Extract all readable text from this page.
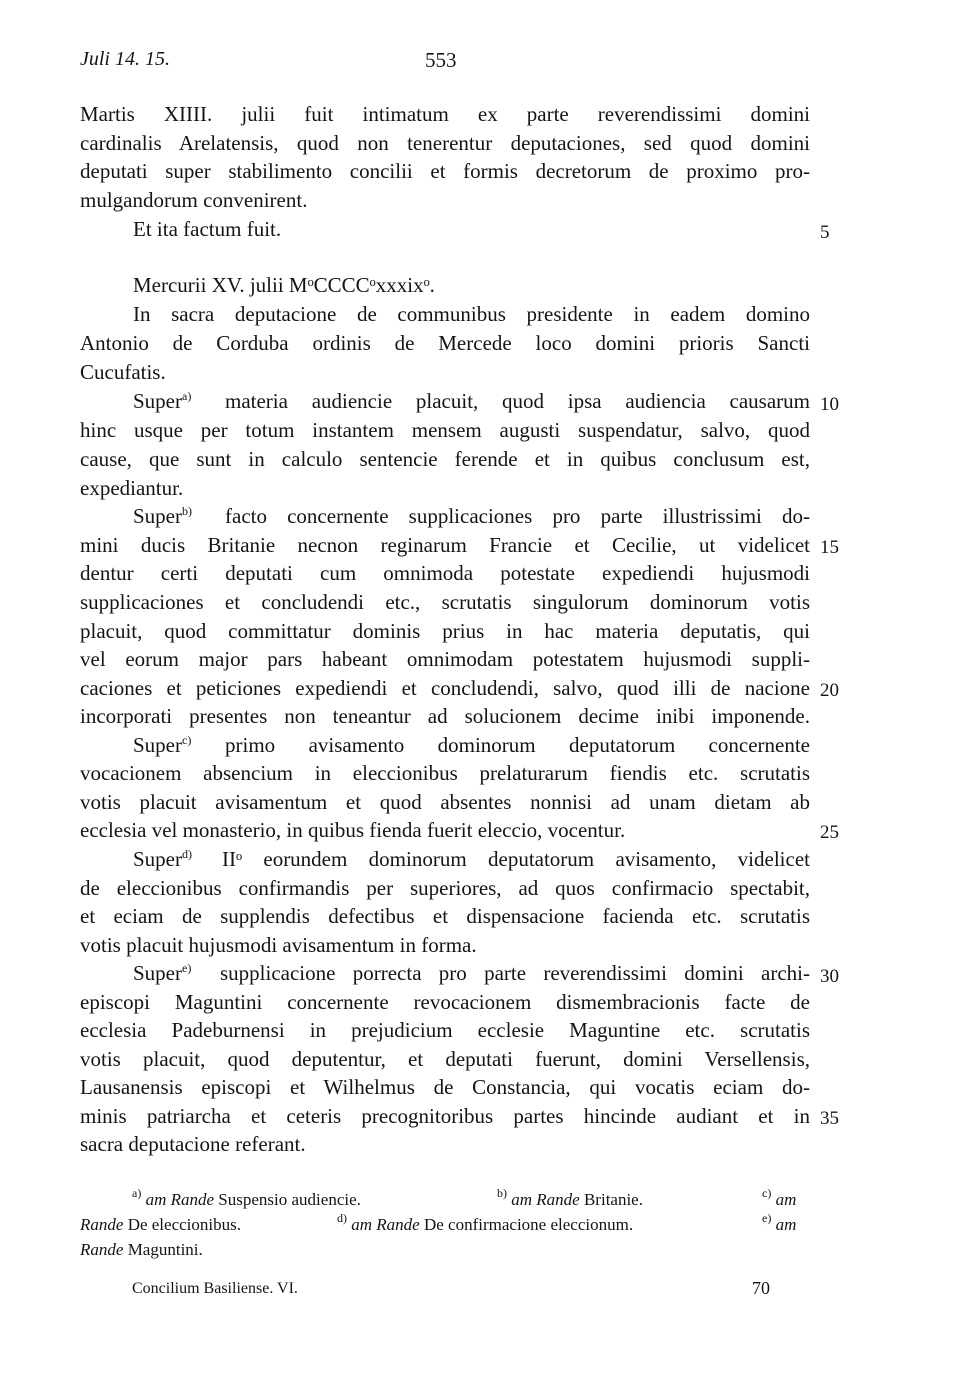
Juli 14. 15.	553
Martis XIIII. julii fuit intimatum ex parte reverendissimi domini
cardinalis Arelatensis, quod non tenerentur deputaciones, sed quod domini
deputati super stabilimento concilii et formis decretorum de proximo pro-
mulgandorum convenirent.
Et ita factum fuit.
Mercurii XV. julii MᵒCCCCᵒxxxixᵒ.
In sacra deputacione de communibus presidente in eadem domino
Antonio de Corduba ordinis de Mercede loco domini prioris Sancti
Cucufatis.
Super$^{a)}$ materia audiencie placuit, quod ipsa audiencia causarum
hinc usque per totum instantem mensem augusti suspendatur, salvo, quod
cause, que sunt in calculo sentencie ferende et in quibus conclusum est,
expediantur.
Super$^{b)}$ facto concernente supplicaciones pro parte illustrissimi do-
mini ducis Britanie necnon reginarum Francie et Cecilie, ut videlicet
dentur certi deputati cum omnimoda potestate expediendi hujusmodi
supplicaciones et concludendi etc., scrutatis singulorum dominorum votis
placuit, quod committatur dominis prius in hac materia deputatis, qui
vel eorum major pars habeant omnimodam potestatem hujusmodi suppli-
caciones et peticiones expediendi et concludendi, salvo, quod illi de nacione
incorporati presentes non teneantur ad solucionem decime inibi imponende.
Super$^{c)}$ primo avisamento dominorum deputatorum concernente
vocacionem absencium in eleccionibus prelaturarum fiendis etc. scrutatis
votis placuit avisamentum et quod absentes nonnisi ad unam dietam ab
ecclesia vel monasterio, in quibus fienda fuerit eleccio, vocentur.
Super$^{d)}$ IIᵒ eorundem dominorum deputatorum avisamento, videlicet
de eleccionibus confirmandis per superiores, ad quos confirmacio spectabit,
et eciam de supplendis defectibus et dispensacione facienda etc. scrutatis
votis placuit hujusmodi avisamentum in forma.
Super$^{e)}$ supplicacione porrecta pro parte reverendissimi domini archi-
episcopi Maguntini concernente revocacionem dismembracionis facte de
ecclesia Padeburnensi in prejudicium ecclesie Maguntine etc. scrutatis
votis placuit, quod deputentur, et deputati fuerunt, domini Versellensis,
Lausanensis episcopi et Wilhelmus de Constancia, qui vocatis eciam do-
minis patriarcha et ceteris precognitoribus partes hincinde audiant et in
sacra deputacione referant.
5
10
15
20
25
30
35
$^{a)}$ am Rande Suspensio audiencie.	$^{b)}$ am Rande Britanie.	$^{c)}$ am
Rande De eleccionibus.	$^{d)}$ am Rande De confirmacione eleccionum.	$^{e)}$ am
Rande Maguntini.
Concilium Basiliense. VI.	70
